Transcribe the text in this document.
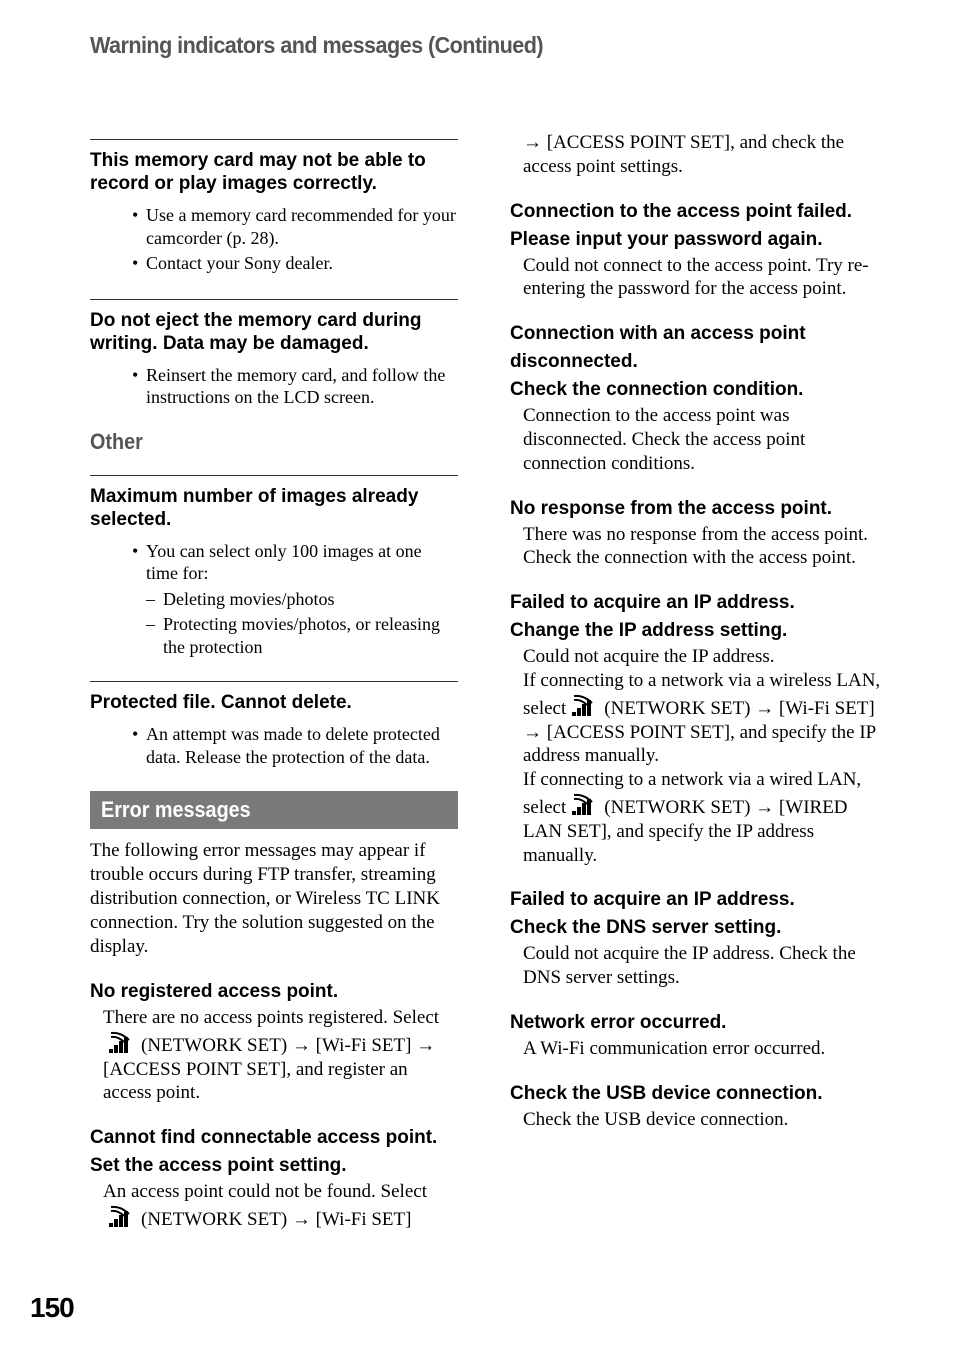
Warning indicators and messages (Continued)

This memory card may not be able to record or play images correctly.

• Use a memory card recommended for your camcorder (p. 28).
• Contact your Sony dealer.

Do not eject the memory card during writing. Data may be damaged.

• Reinsert the memory card, and follow the instructions on the LCD screen.

Other

Maximum number of images already selected.

• You can select only 100 images at one time for:
– Deleting movies/photos
– Protecting movies/photos, or releasing the protection

Protected file. Cannot delete.

• An attempt was made to delete protected data. Release the protection of the data.
Error messages

The following error messages may appear if trouble occurs during FTP transfer, streaming distribution connection, or Wireless TC LINK connection. Try the solution suggested on the display.

No registered access point.

There are no access points registered. Select(NETWORK SET) → [Wi-Fi SET] → [ACCESS POINT SET], and register an access point.

Cannot find connectable access point.

Set the access point setting.

An access point could not be found. Select(NETWORK SET) → [Wi-Fi SET]

→ [ACCESS POINT SET], and check the access point settings.

Connection to the access point failed.

Please input your password again.

Could not connect to the access point. Try re-entering the password for the access point.

Connection with an access point disconnected.

Check the connection condition.

Connection to the access point was disconnected. Check the access point connection conditions.

No response from the access point.

There was no response from the access point. Check the connection with the access point.

Failed to acquire an IP address.

Change the IP address setting.

Could not acquire the IP address.

If connecting to a network via a wireless LAN, select (NETWORK SET) → [Wi-Fi SET] → [ACCESS POINT SET], and specify the IP address manually.

If connecting to a network via a wired LAN, select (NETWORK SET) → [WIRED LAN SET], and specify the IP address manually.

Failed to acquire an IP address.

Check the DNS server setting.

Could not acquire the IP address. Check the DNS server settings.

Network error occurred.

A Wi-Fi communication error occurred.

Check the USB device connection.

Check the USB device connection.

150
